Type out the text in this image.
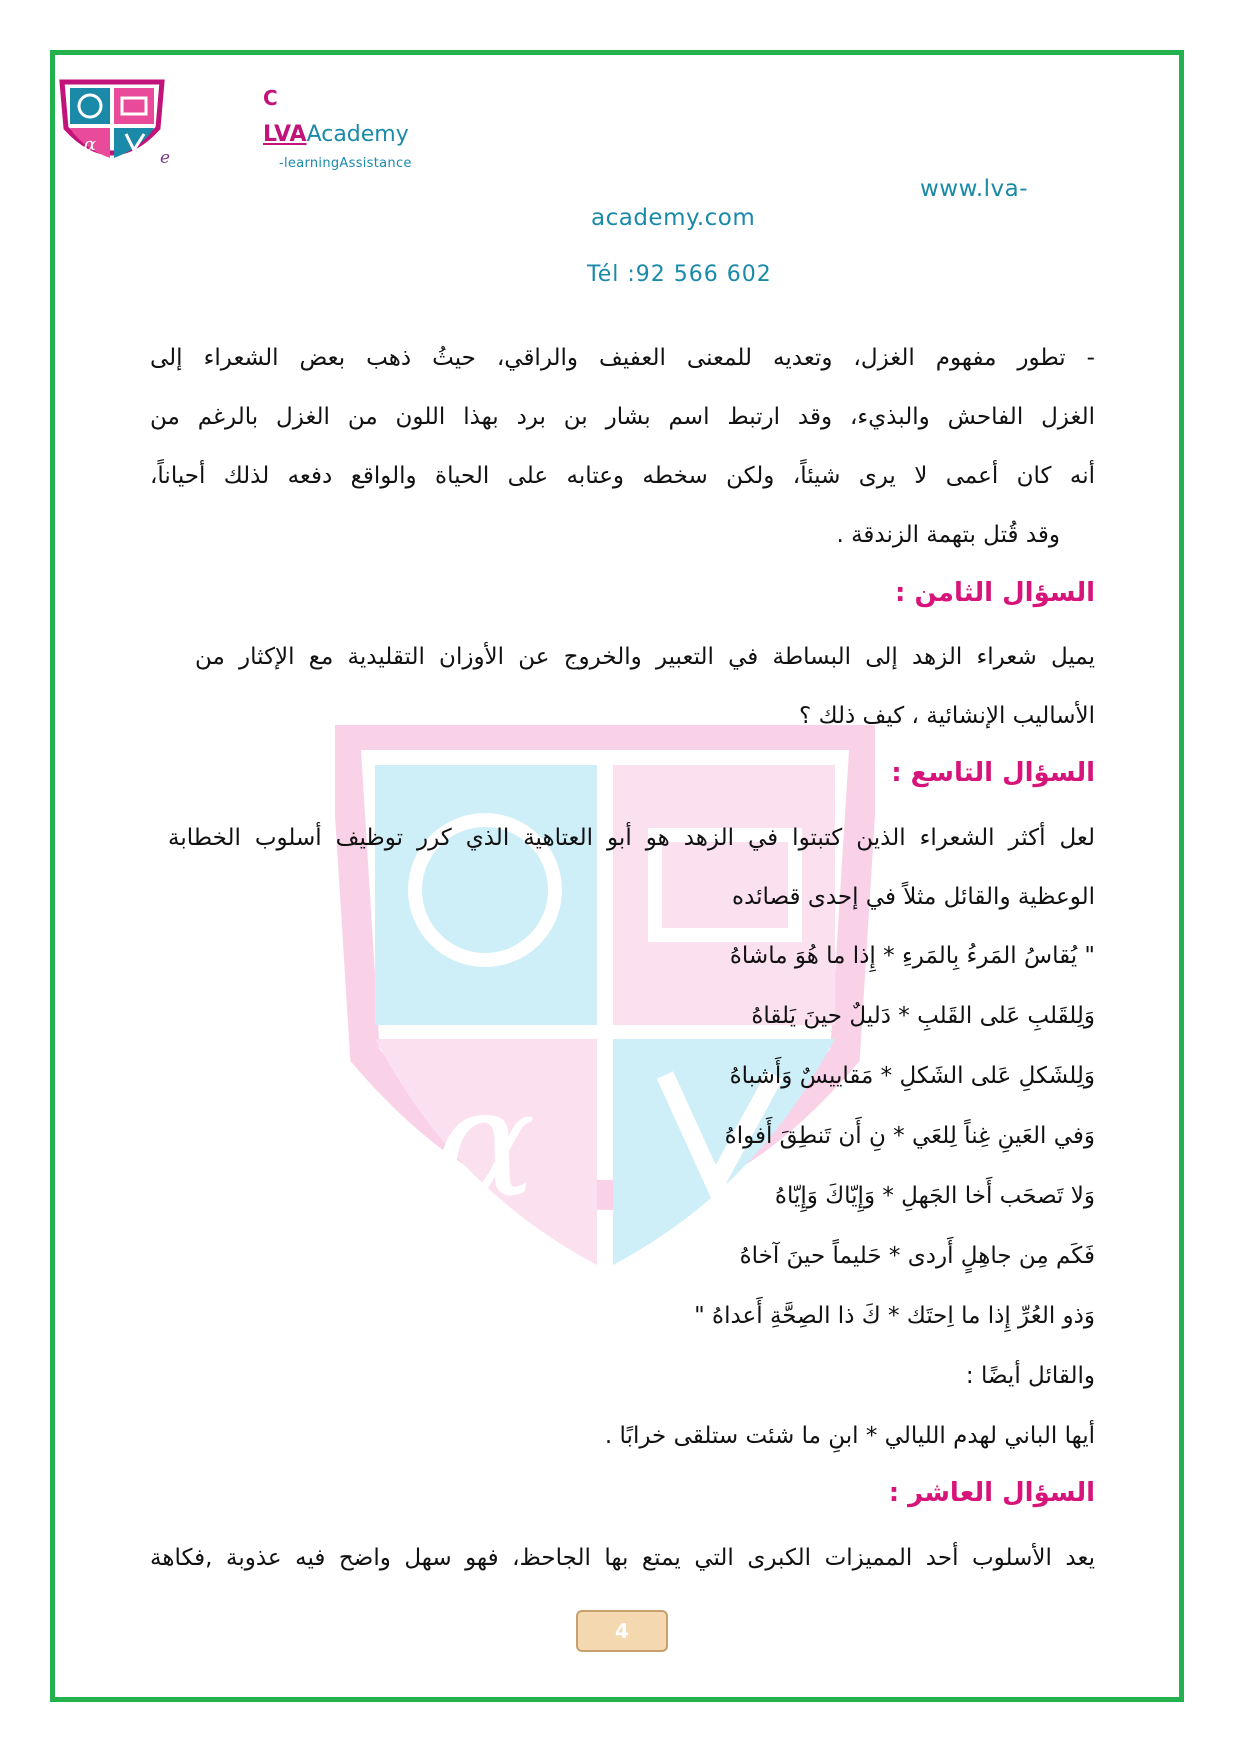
α
e
C
LVAAcademy
-learningAssistance
www.lva-
academy.com
Tél :92 566 602
α
- تطور مفهوم الغزل، وتعديه للمعنى العفيف والراقي، حيثُ ذهب بعض الشعراء إلى
الغزل الفاحش والبذيء، وقد ارتبط اسم بشار بن برد بهذا اللون من الغزل بالرغم من
أنه كان أعمى لا يرى شيئاً، ولكن سخطه وعتابه على الحياة والواقع دفعه لذلك أحياناً،
وقد قُتل بتهمة الزندقة .
السؤال الثامن :
يميل شعراء الزهد إلى البساطة في التعبير والخروج عن الأوزان التقليدية مع الإكثار من
الأساليب الإنشائية ، كيف ذلك ؟
السؤال التاسع :
لعل أكثر الشعراء الذين كتبتوا في الزهد هو أبو العتاهية الذي كرر توظيف أسلوب الخطابة
الوعظية والقائل مثلاً في إحدى قصائده
" يُقاسُ المَرءُ بِالمَرءِ * إِذا ما هُوَ ماشاهُ
وَلِلقَلبِ عَلى القَلبِ * دَليلٌ حينَ يَلقاهُ
وَلِلشَكلِ عَلى الشَكلِ * مَقاييسٌ وَأَشباهُ
وَفي العَينِ غِناً لِلعَي * نِ أَن تَنطِقَ أَفواهُ
وَلا تَصحَب أَخا الجَهلِ * وَإِيّاكَ وَإِيّاهُ
فَكَم مِن جاهِلٍ أَردى * حَليماً حينَ آخاهُ
وَذو العُرِّ إِذا ما اِحتَك * كَ ذا الصِحَّةِ أَعداهُ "
والقائل أيضًا :
أيها الباني لهدم الليالي * ابنِ ما شئت ستلقى خرابًا .
السؤال العاشر :
يعد الأسلوب أحد المميزات الكبرى التي يمتع بها الجاحظ، فهو سهل واضح فيه عذوبة ,فكاهة
4
